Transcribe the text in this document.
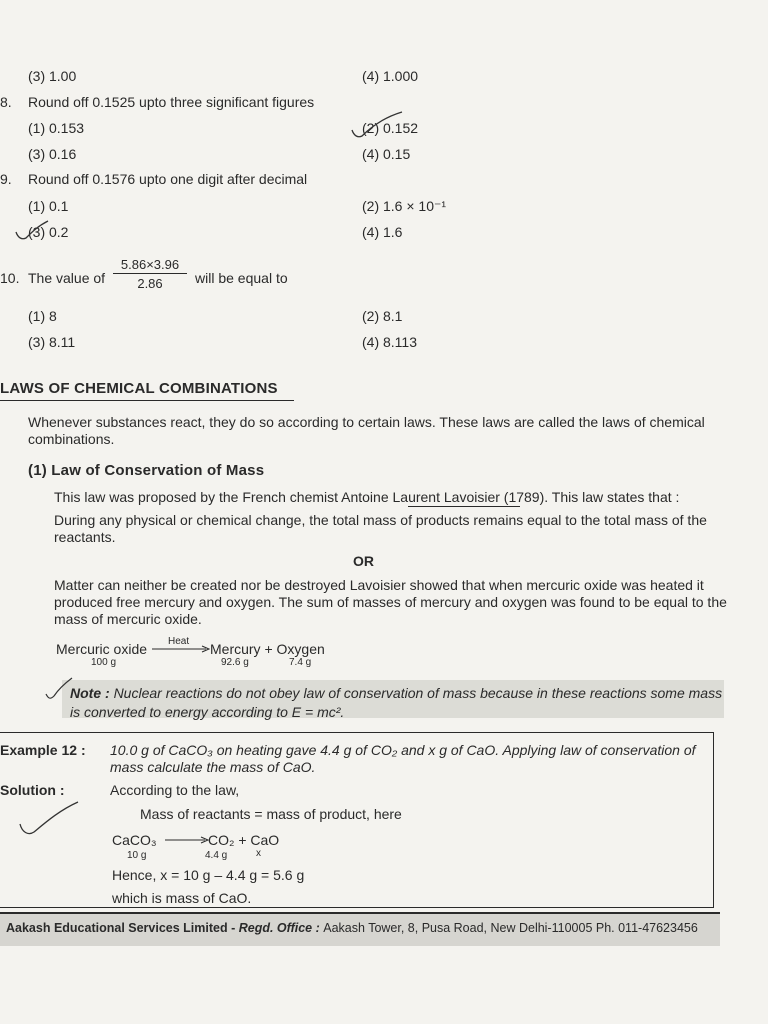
(3) 1.00	(4) 1.000
8. Round off 0.1525 upto three significant figures
(1) 0.153	(2) 0.152
(3) 0.16	(4) 0.15
9. Round off 0.1576 upto one digit after decimal
(1) 0.1	(2) 1.6 × 10⁻¹
(3) 0.2	(4) 1.6
10. The value of $\frac{5.86\times 3.96}{2.86}$ will be equal to
(1) 8	(2) 8.1
(3) 8.11	(4) 8.113
LAWS OF CHEMICAL COMBINATIONS
Whenever substances react, they do so according to certain laws. These laws are called the laws of chemical combinations.
(1) Law of Conservation of Mass
This law was proposed by the French chemist Antoine Laurent Lavoisier (1789). This law states that :
During any physical or chemical change, the total mass of products remains equal to the total mass of the reactants.
OR
Matter can neither be created nor be destroyed Lavoisier showed that when mercuric oxide was heated it produced free mercury and oxygen. The sum of masses of mercury and oxygen was found to be equal to the mass of mercuric oxide.
Mercuric oxide Heat Mercury + Oxygen
100 g	92.6 g	7.4 g
Note : Nuclear reactions do not obey law of conservation of mass because in these reactions some mass is converted to energy according to E = mc².
Example 12 : 10.0 g of CaCO₃ on heating gave 4.4 g of CO₂ and x g of CaO. Applying law of conservation of mass calculate the mass of CaO.
Solution :	According to the law,
Mass of reactants = mass of product, here
CaCO₃ → CO₂ + CaO
10 g	4.4 g	x
Hence, x = 10 g – 4.4 g = 5.6 g
which is mass of CaO.
Aakash Educational Services Limited - Regd. Office : Aakash Tower, 8, Pusa Road, New Delhi-110005 Ph. 011-47623456
